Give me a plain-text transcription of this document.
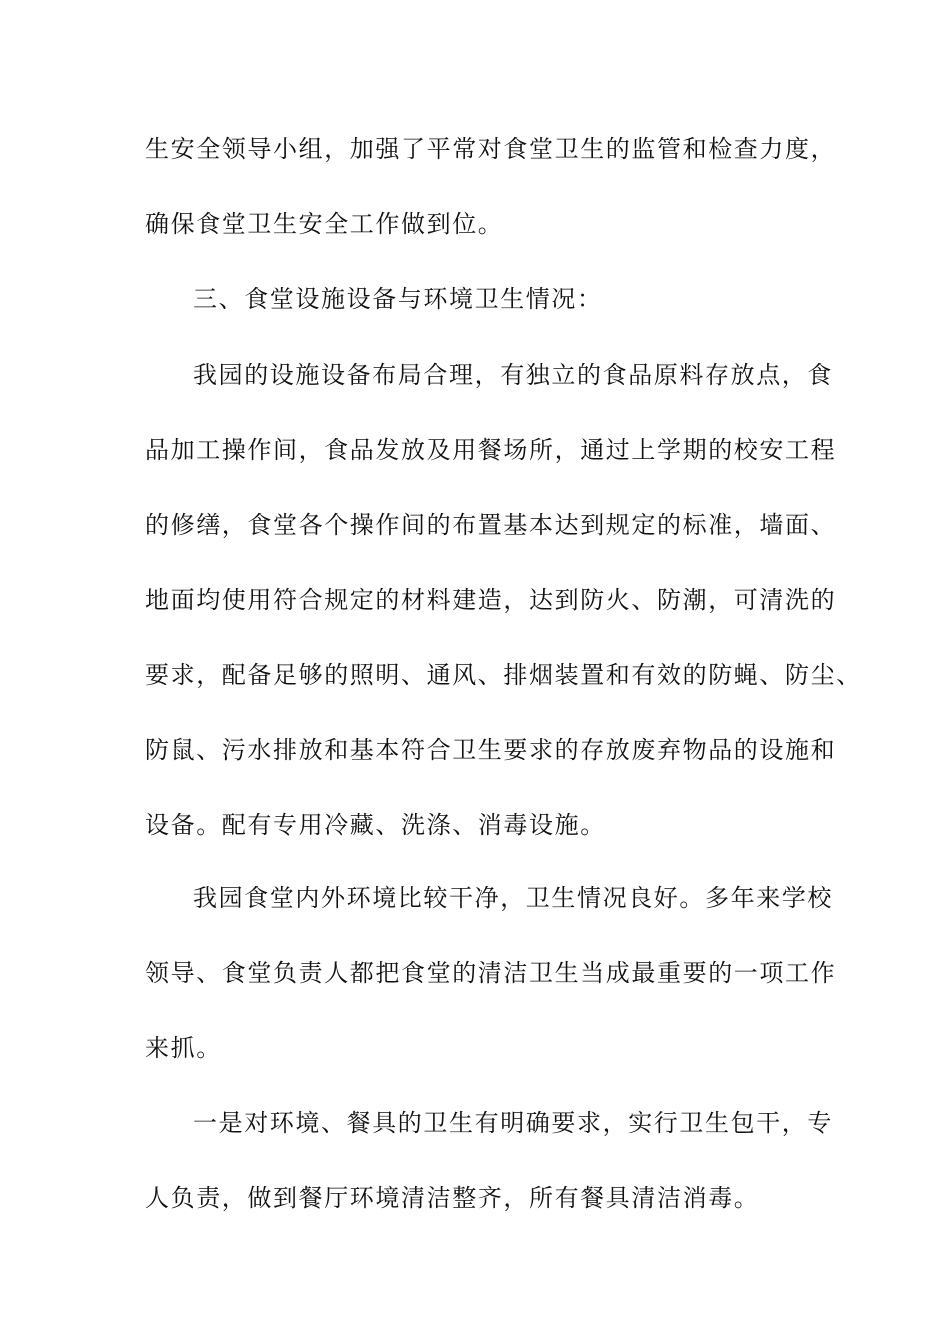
生安全领导小组，加强了平常对食堂卫生的监管和检查力度，
确保食堂卫生安全工作做到位。
三、食堂设施设备与环境卫生情况：
我园的设施设备布局合理，有独立的食品原料存放点，食
品加工操作间，食品发放及用餐场所，通过上学期的校安工程
的修缮，食堂各个操作间的布置基本达到规定的标准，墙面、
地面均使用符合规定的材料建造，达到防火、防潮，可清洗的
要求，配备足够的照明、通风、排烟装置和有效的防蝇、防尘、
防鼠、污水排放和基本符合卫生要求的存放废弃物品的设施和
设备。配有专用冷藏、洗涤、消毒设施。
我园食堂内外环境比较干净，卫生情况良好。多年来学校
领导、食堂负责人都把食堂的清洁卫生当成最重要的一项工作
来抓。
一是对环境、餐具的卫生有明确要求，实行卫生包干，专
人负责，做到餐厅环境清洁整齐，所有餐具清洁消毒。
